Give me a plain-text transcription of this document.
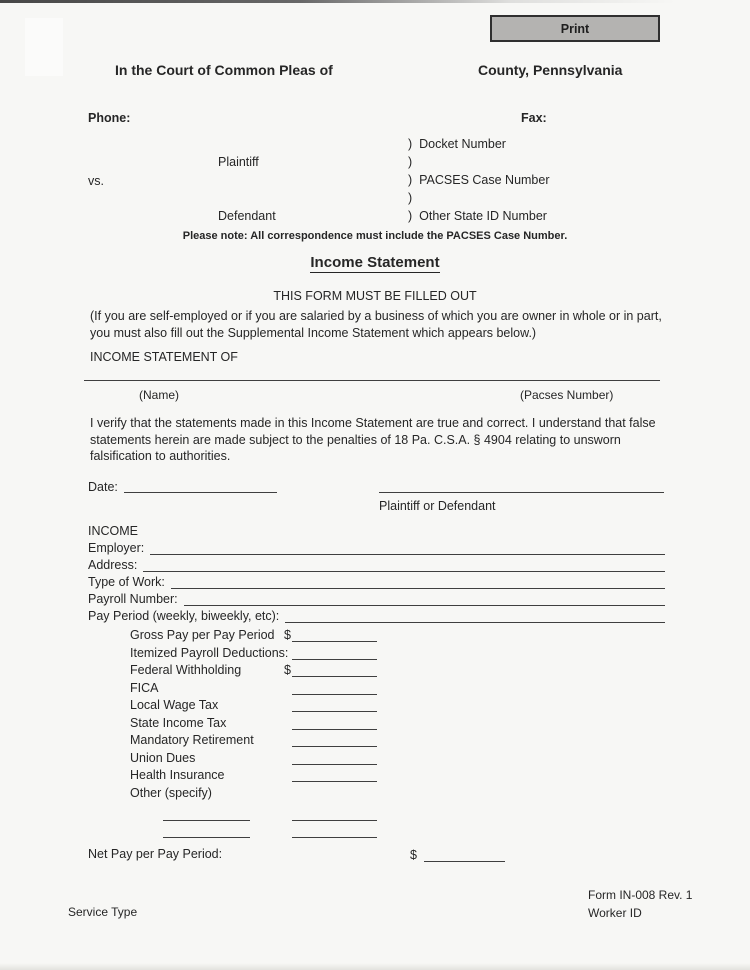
Print
In the Court of Common Pleas of	County, Pennsylvania
Phone:	Fax:
Plaintiff
vs.
Defendant
) Docket Number
)
) PACSES Case Number
)
) Other State ID Number
Please note: All correspondence must include the PACSES Case Number.
Income Statement
THIS FORM MUST BE FILLED OUT
(If you are self-employed or if you are salaried by a business of which you are owner in whole or in part,
you must also fill out the Supplemental Income Statement which appears below.)
INCOME STATEMENT OF
(Name)	(Pacses Number)
I verify that the statements made in this Income Statement are true and correct. I understand that false
statements herein are made subject to the penalties of 18 Pa. C.S.A. § 4904 relating to unsworn
falsification to authorities.
Date:
Plaintiff or Defendant
INCOME
Employer:
Address:
Type of Work:
Payroll Number:
Pay Period (weekly, biweekly, etc):
Gross Pay per Pay Period $
Itemized Payroll Deductions:
Federal Withholding	$
FICA
Local Wage Tax
State Income Tax
Mandatory Retirement
Union Dues
Health Insurance
Other (specify)
Net Pay per Pay Period:	$
Form IN-008 Rev. 1
Service Type	Worker ID
